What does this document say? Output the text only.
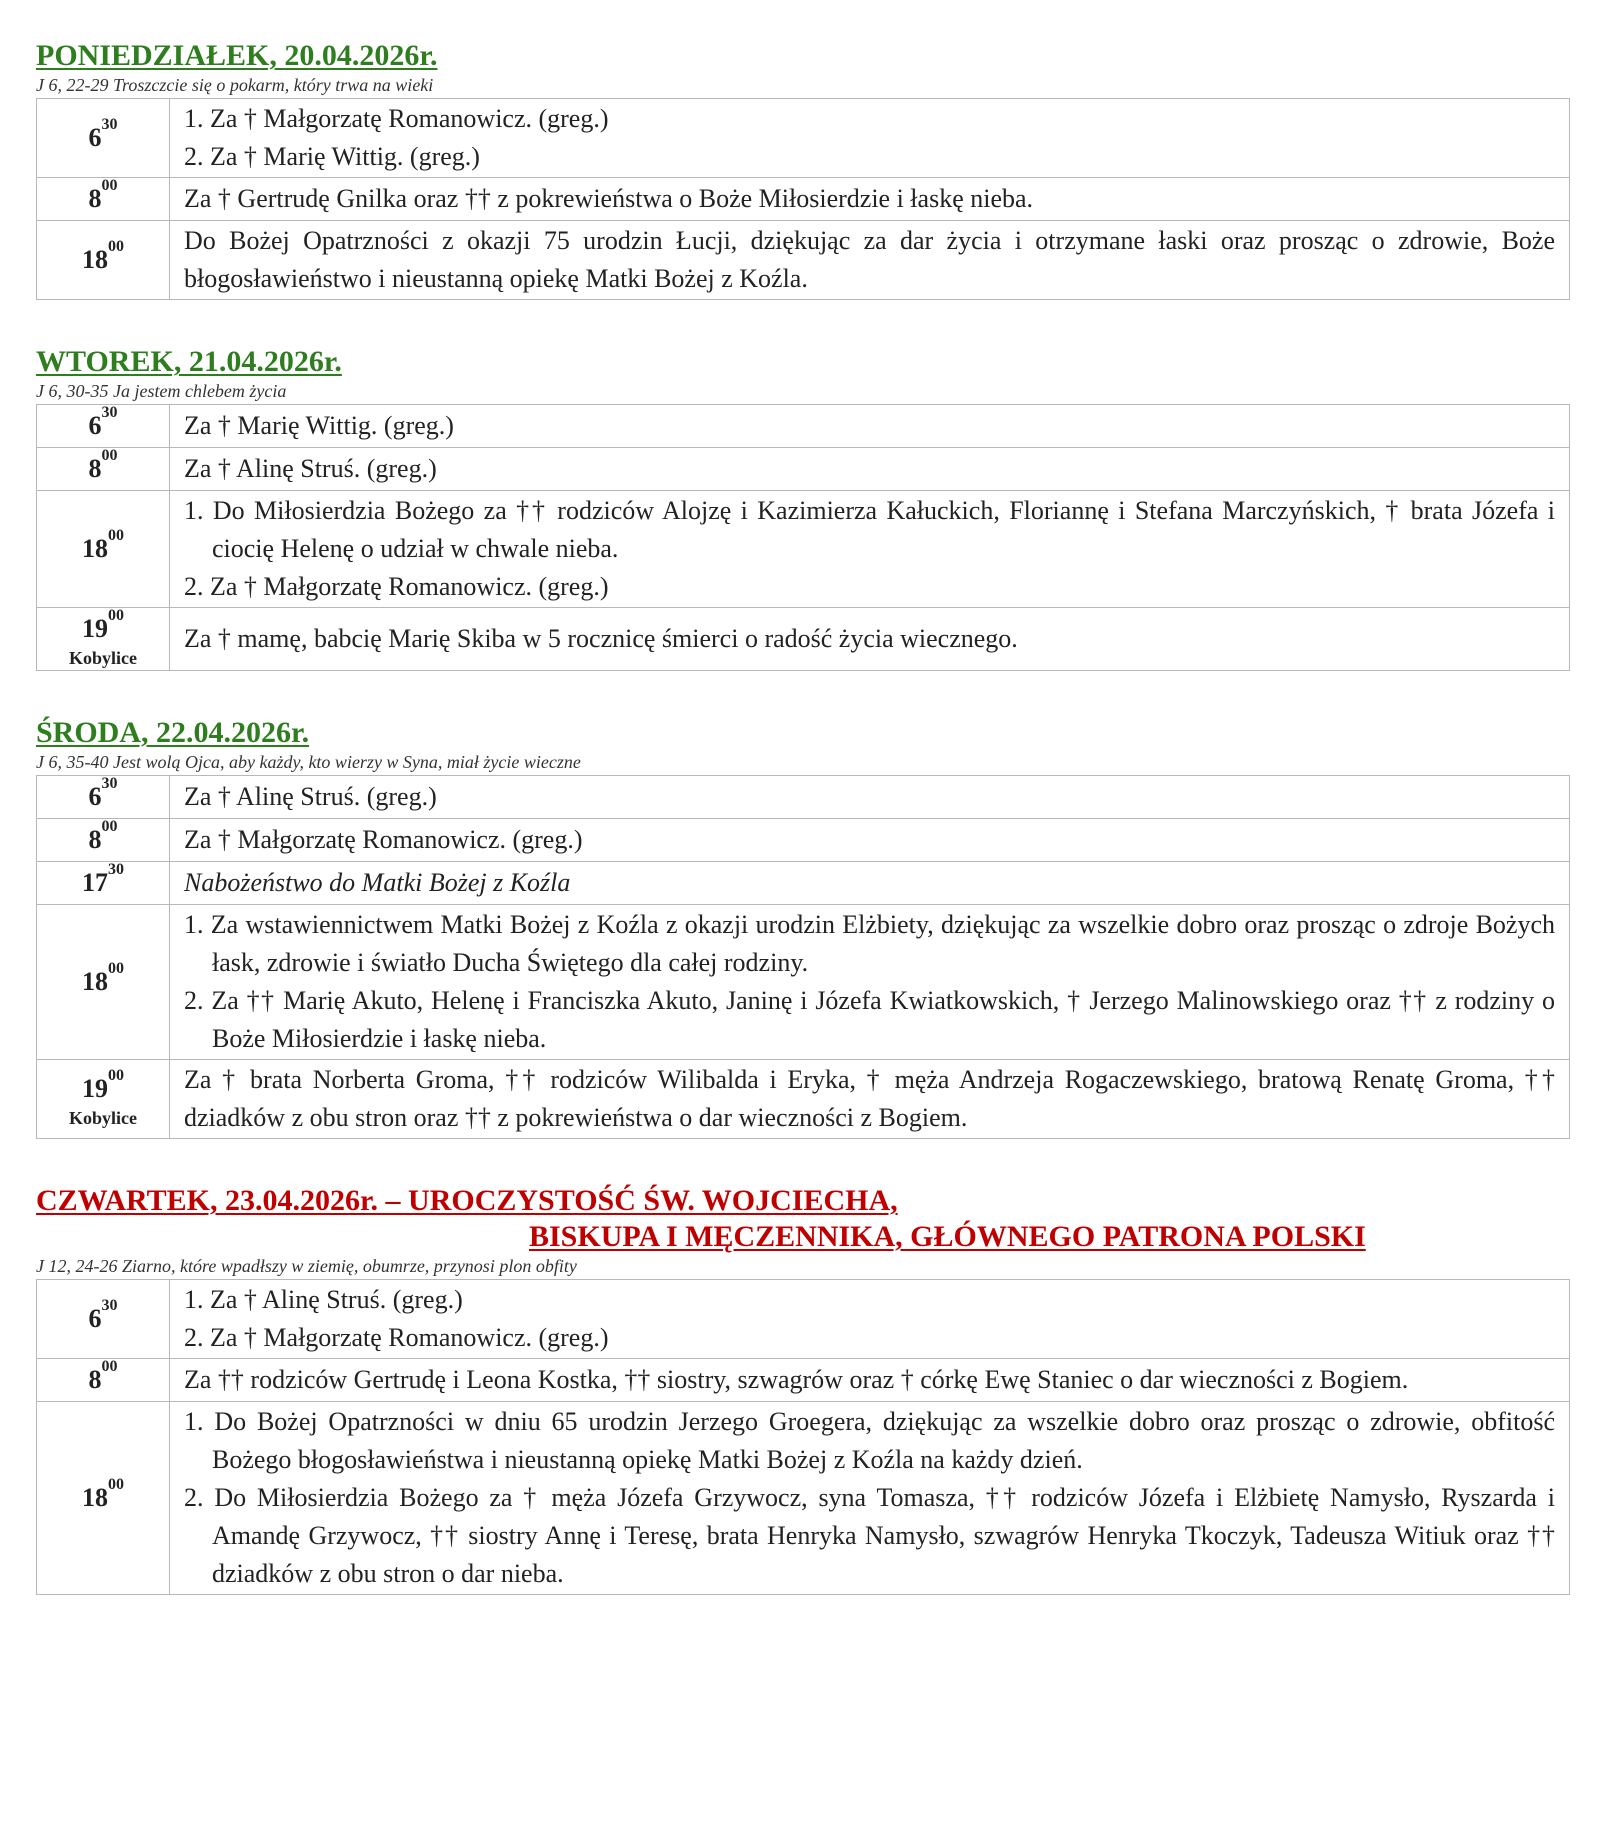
PONIEDZIAŁEK, 20.04.2026r.
J 6, 22-29 Troszczcie się o pokarm, który trwa na wieki
$6^{30}$	1. Za † Małgorzatę Romanowicz. (greg.)
2. Za † Marię Wittig. (greg.)

$8^{00}$	Za † Gertrudę Gnilka oraz †† z pokrewieństwa o Boże Miłosierdzie i łaskę nieba.

$18^{00}$	Do Bożej Opatrzności z okazji 75 urodzin Łucji, dziękując za dar życia i otrzymane łaski oraz prosząc o zdrowie, Boże błogosławieństwo i nieustanną opiekę Matki Bożej z Koźla.
WTOREK, 21.04.2026r.
J 6, 30-35 Ja jestem chlebem życia
$6^{30}$	Za † Marię Wittig. (greg.)

$8^{00}$	Za † Alinę Struś. (greg.)

$18^{00}$	1. Do Miłosierdzia Bożego za †† rodziców Alojzę i Kazimierza Kałuckich, Floriannę i Stefana Marczyńskich, † brata Józefa i ciocię Helenę o udział w chwale nieba.
2. Za † Małgorzatę Romanowicz. (greg.)

$19^{00}$
Kobylice	Za † mamę, babcię Marię Skiba w 5 rocznicę śmierci o radość życia wiecznego.
ŚRODA, 22.04.2026r.
J 6, 35-40 Jest wolą Ojca, aby każdy, kto wierzy w Syna, miał życie wieczne
$6^{30}$	Za † Alinę Struś. (greg.)

$8^{00}$	Za † Małgorzatę Romanowicz. (greg.)

$17^{30}$	Nabożeństwo do Matki Bożej z Koźla

$18^{00}$	1. Za wstawiennictwem Matki Bożej z Koźla z okazji urodzin Elżbiety, dziękując za wszelkie dobro oraz prosząc o zdroje Bożych łask, zdrowie i światło Ducha Świętego dla całej rodziny.
2. Za †† Marię Akuto, Helenę i Franciszka Akuto, Janinę i Józefa Kwiatkowskich, † Jerzego Malinowskiego oraz †† z rodziny o Boże Miłosierdzie i łaskę nieba.

$19^{00}$
Kobylice	Za † brata Norberta Groma, †† rodziców Wilibalda i Eryka, † męża Andrzeja Rogaczewskiego, bratową Renatę Groma, †† dziadków z obu stron oraz †† z pokrewieństwa o dar wieczności z Bogiem.
CZWARTEK, 23.04.2026r. – UROCZYSTOŚĆ ŚW. WOJCIECHA,
BISKUPA I MĘCZENNIKA, GŁÓWNEGO PATRONA POLSKI
J 12, 24-26 Ziarno, które wpadłszy w ziemię, obumrze, przynosi plon obfity
$6^{30}$	1. Za † Alinę Struś. (greg.)
2. Za † Małgorzatę Romanowicz. (greg.)

$8^{00}$	Za †† rodziców Gertrudę i Leona Kostka, †† siostry, szwagrów oraz † córkę Ewę Staniec o dar wieczności z Bogiem.

$18^{00}$	1. Do Bożej Opatrzności w dniu 65 urodzin Jerzego Groegera, dziękując za wszelkie dobro oraz prosząc o zdrowie, obfitość Bożego błogosławieństwa i nieustanną opiekę Matki Bożej z Koźla na każdy dzień.
2. Do Miłosierdzia Bożego za † męża Józefa Grzywocz, syna Tomasza, †† rodziców Józefa i Elżbietę Namysło, Ryszarda i Amandę Grzywocz, †† siostry Annę i Teresę, brata Henryka Namysło, szwagrów Henryka Tkoczyk, Tadeusza Witiuk oraz †† dziadków z obu stron o dar nieba.
